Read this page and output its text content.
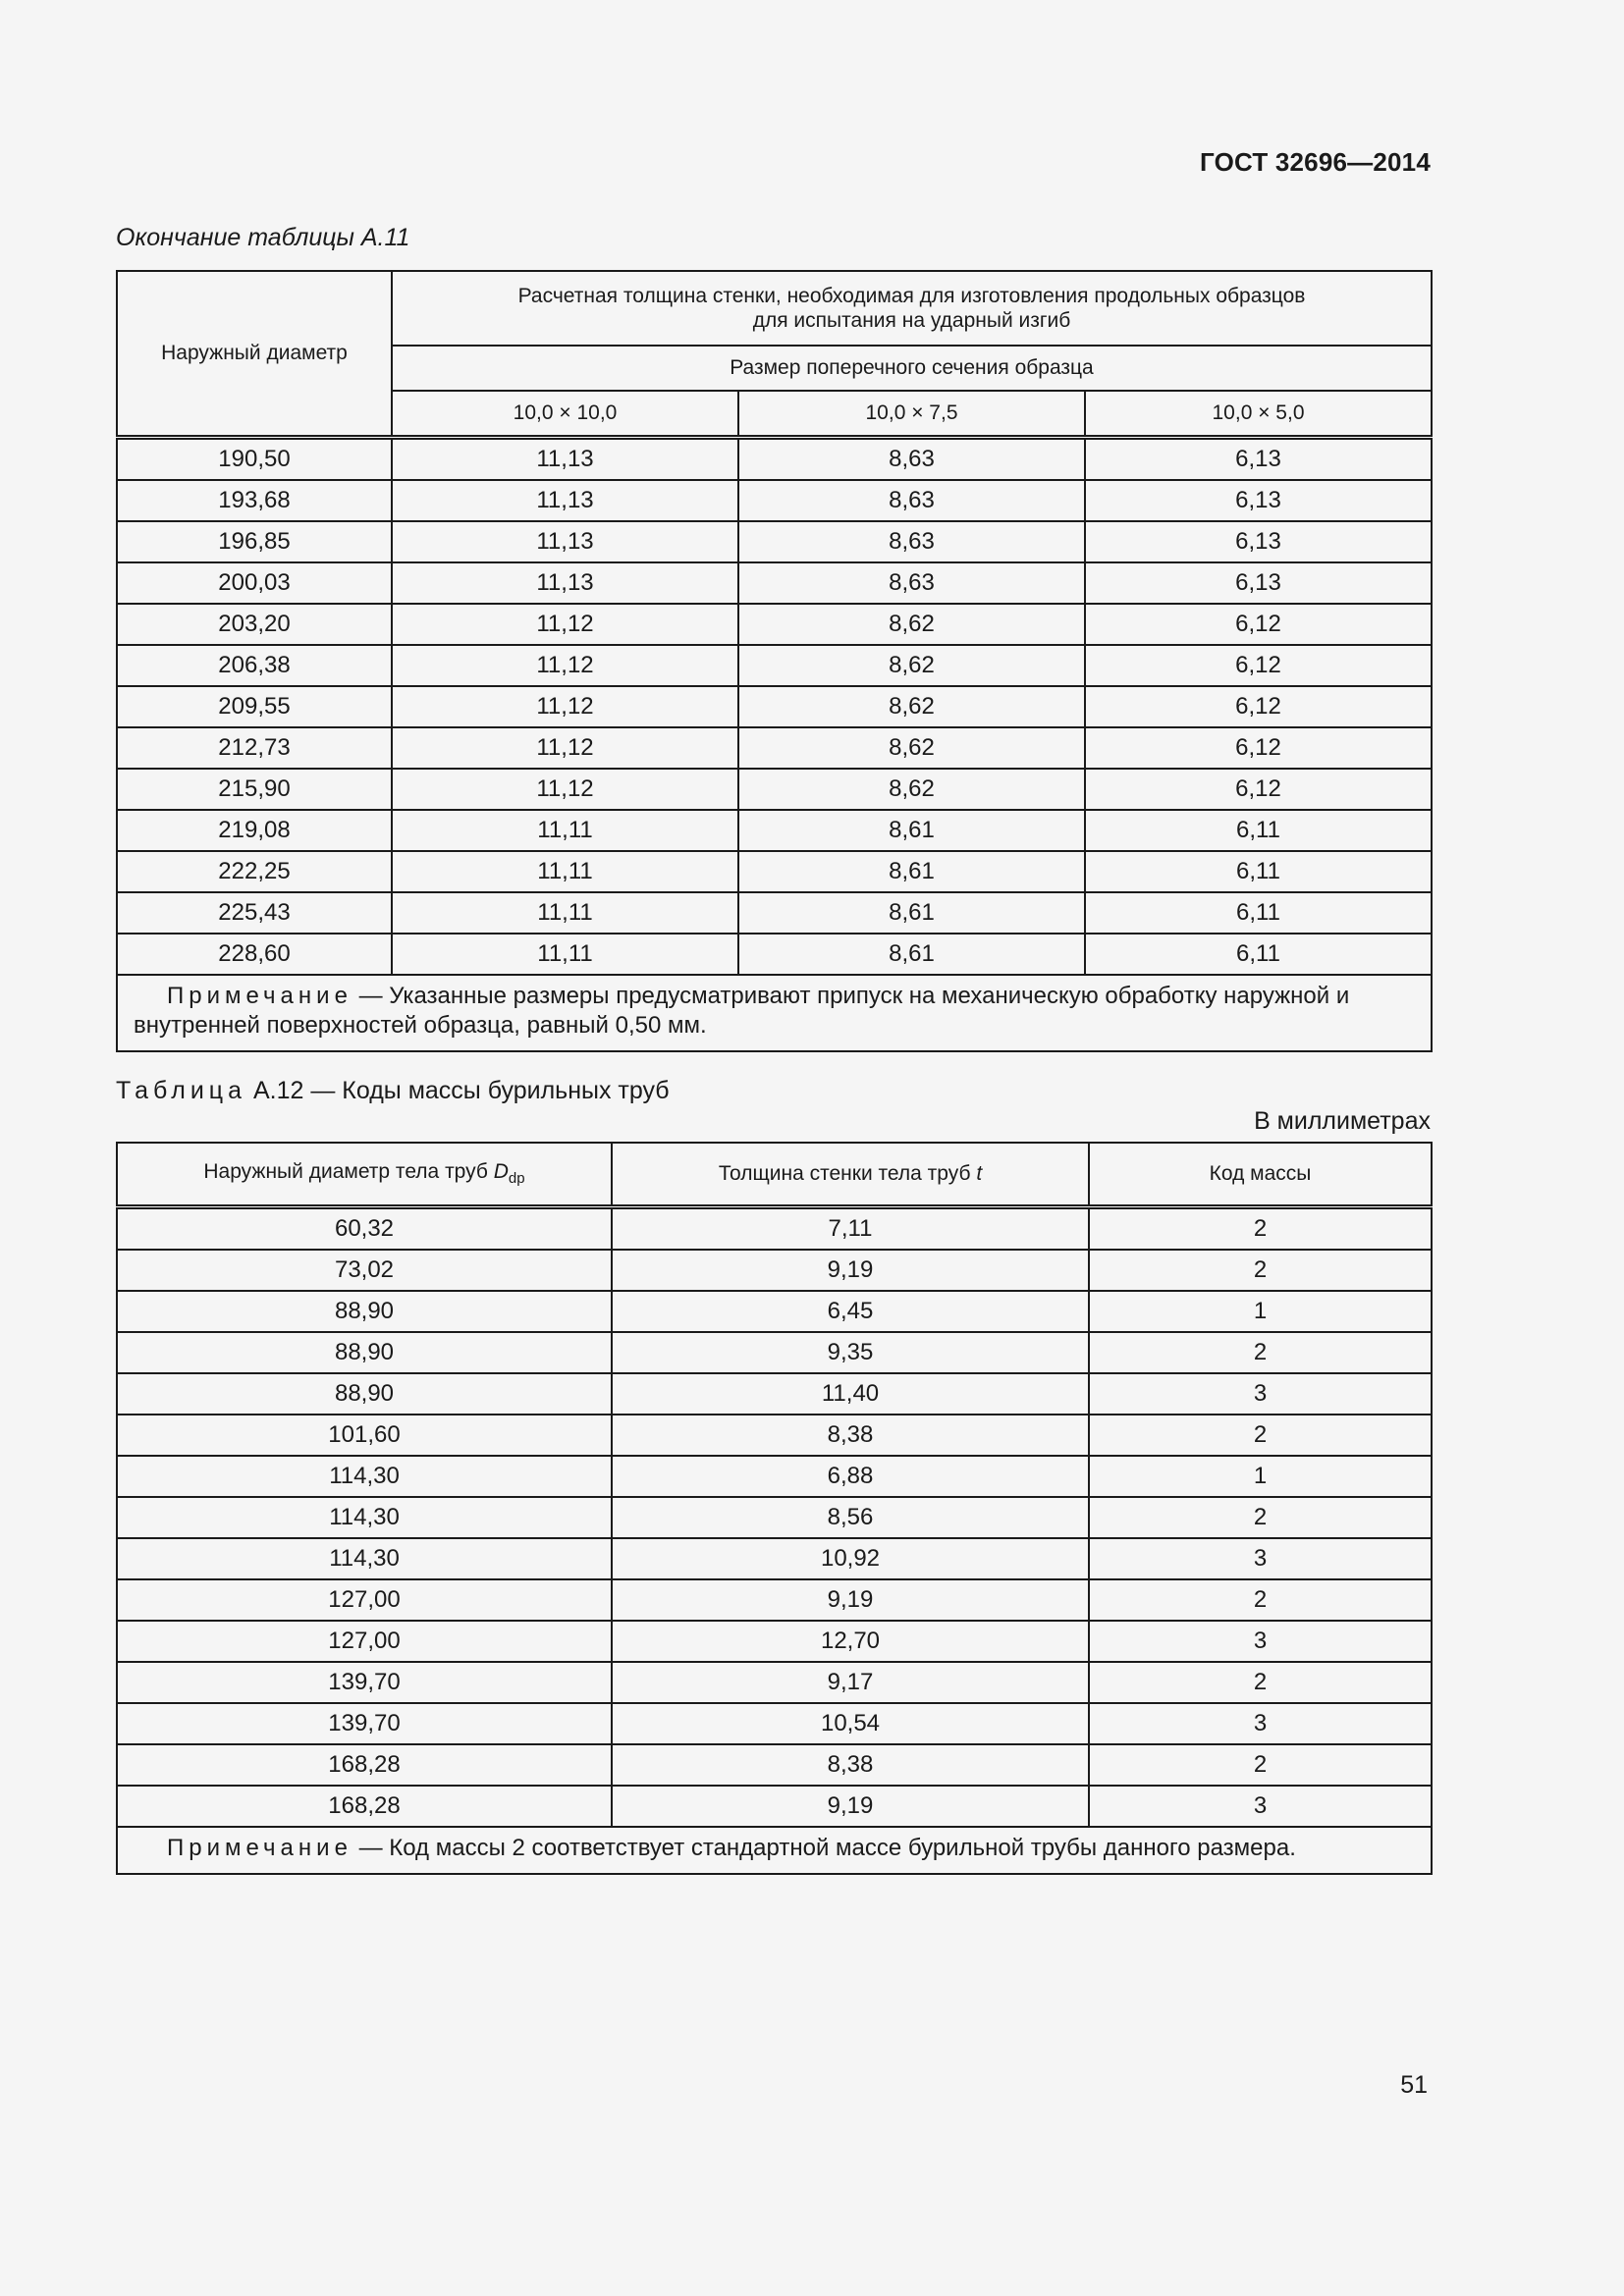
ГОСТ 32696—2014
Окончание таблицы А.11
Наружный диаметр	Расчетная толщина стенки, необходимая для изготовления продольных образцов
для испытания на ударный изгиб		
	Размер поперечного сечения образца		
	10,0 × 10,0	10,0 × 7,5	10,0 × 5,0
190,50	11,13	8,63	6,13
193,68	11,13	8,63	6,13
196,85	11,13	8,63	6,13
200,03	11,13	8,63	6,13
203,20	11,12	8,62	6,12
206,38	11,12	8,62	6,12
209,55	11,12	8,62	6,12
212,73	11,12	8,62	6,12
215,90	11,12	8,62	6,12
219,08	11,11	8,61	6,11
222,25	11,11	8,61	6,11
225,43	11,11	8,61	6,11
228,60	11,11	8,61	6,11
Примечание — Указанные размеры предусматривают припуск на механическую обработку наружной и внутренней поверхностей образца, равный 0,50 мм.			
Таблица А.12 — Коды массы бурильных труб
В миллиметрах
Наружный диаметр тела труб $D_{dp}$	Толщина стенки тела труб t	Код массы
60,32	7,11	2
73,02	9,19	2
88,90	6,45	1
88,90	9,35	2
88,90	11,40	3
101,60	8,38	2
114,30	6,88	1
114,30	8,56	2
114,30	10,92	3
127,00	9,19	2
127,00	12,70	3
139,70	9,17	2
139,70	10,54	3
168,28	8,38	2
168,28	9,19	3
Примечание — Код массы 2 соответствует стандартной массе бурильной трубы данного размера.		
51
